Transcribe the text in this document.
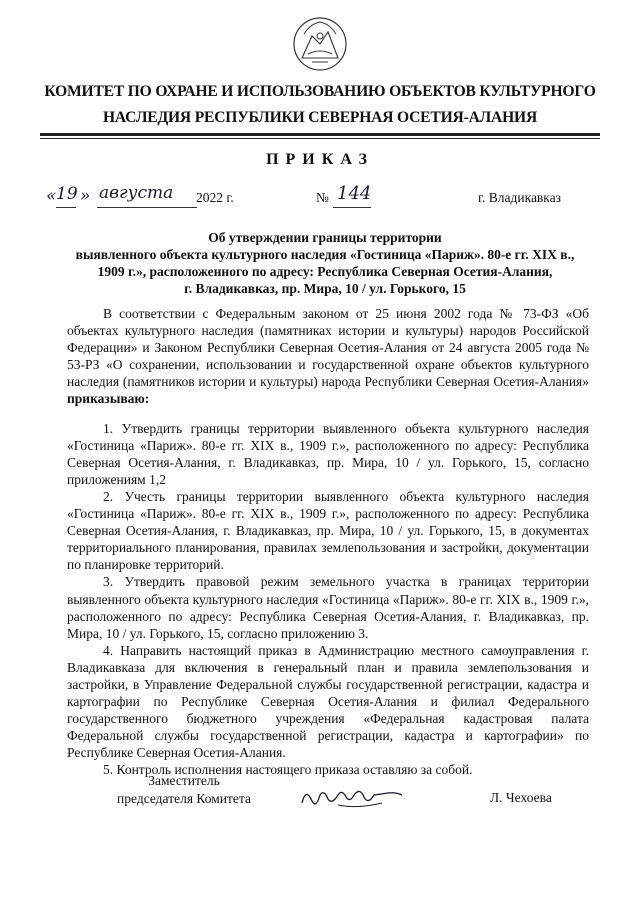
КОМИТЕТ ПО ОХРАНЕ И ИСПОЛЬЗОВАНИЮ ОБЪЕКТОВ КУЛЬТУРНОГО
НАСЛЕДИЯ РЕСПУБЛИКИ СЕВЕРНАЯ ОСЕТИЯ-АЛАНИЯ
ПРИКАЗ
« 19 » августа 2022 г.	№ 144	г. Владикавказ
Об утверждении границы территории
выявленного объекта культурного наследия «Гостиница «Париж». 80-е гг. XIX в.,
1909 г.», расположенного по адресу: Республика Северная Осетия-Алания,
г. Владикавказ, пр. Мира, 10 / ул. Горького, 15

В соответствии с Федеральным законом от 25 июня 2002 года № 73-ФЗ «Об объектах культурного наследия (памятниках истории и культуры) народов Российской Федерации» и Законом Республики Северная Осетия-Алания от 24 августа 2005 года № 53-РЗ «О сохранении, использовании и государственной охране объектов культурного наследия (памятников истории и культуры) народа Республики Северная Осетия-Алания» приказываю:

1. Утвердить границы территории выявленного объекта культурного наследия «Гостиница «Париж». 80-е гг. XIX в., 1909 г.», расположенного по адресу: Республика Северная Осетия-Алания, г. Владикавказ, пр. Мира, 10 / ул. Горького, 15, согласно приложениям 1,2

2. Учесть границы территории выявленного объекта культурного наследия «Гостиница «Париж». 80-е гг. XIX в., 1909 г.», расположенного по адресу: Республика Северная Осетия-Алания, г. Владикавказ, пр. Мира, 10 / ул. Горького, 15, в документах территориального планирования, правилах землепользования и застройки, документации по планировке территорий.

3. Утвердить правовой режим земельного участка в границах территории выявленного объекта культурного наследия «Гостиница «Париж». 80-е гг. XIX в., 1909 г.», расположенного по адресу: Республика Северная Осетия-Алания, г. Владикавказ, пр. Мира, 10 / ул. Горького, 15, согласно приложению 3.

4. Направить настоящий приказ в Администрацию местного самоуправления г. Владикавказа для включения в генеральный план и правила землепользования и застройки, в Управление Федеральной службы государственной регистрации, кадастра и картографии по Республике Северная Осетия-Алания и филиал Федерального государственного бюджетного учреждения «Федеральная кадастровая палата Федеральной службы государственной регистрации, кадастра и картографии» по Республике Северная Осетия-Алания.

5. Контроль исполнения настоящего приказа оставляю за собой.

Заместитель
председателя Комитета	Л. Чехоева
